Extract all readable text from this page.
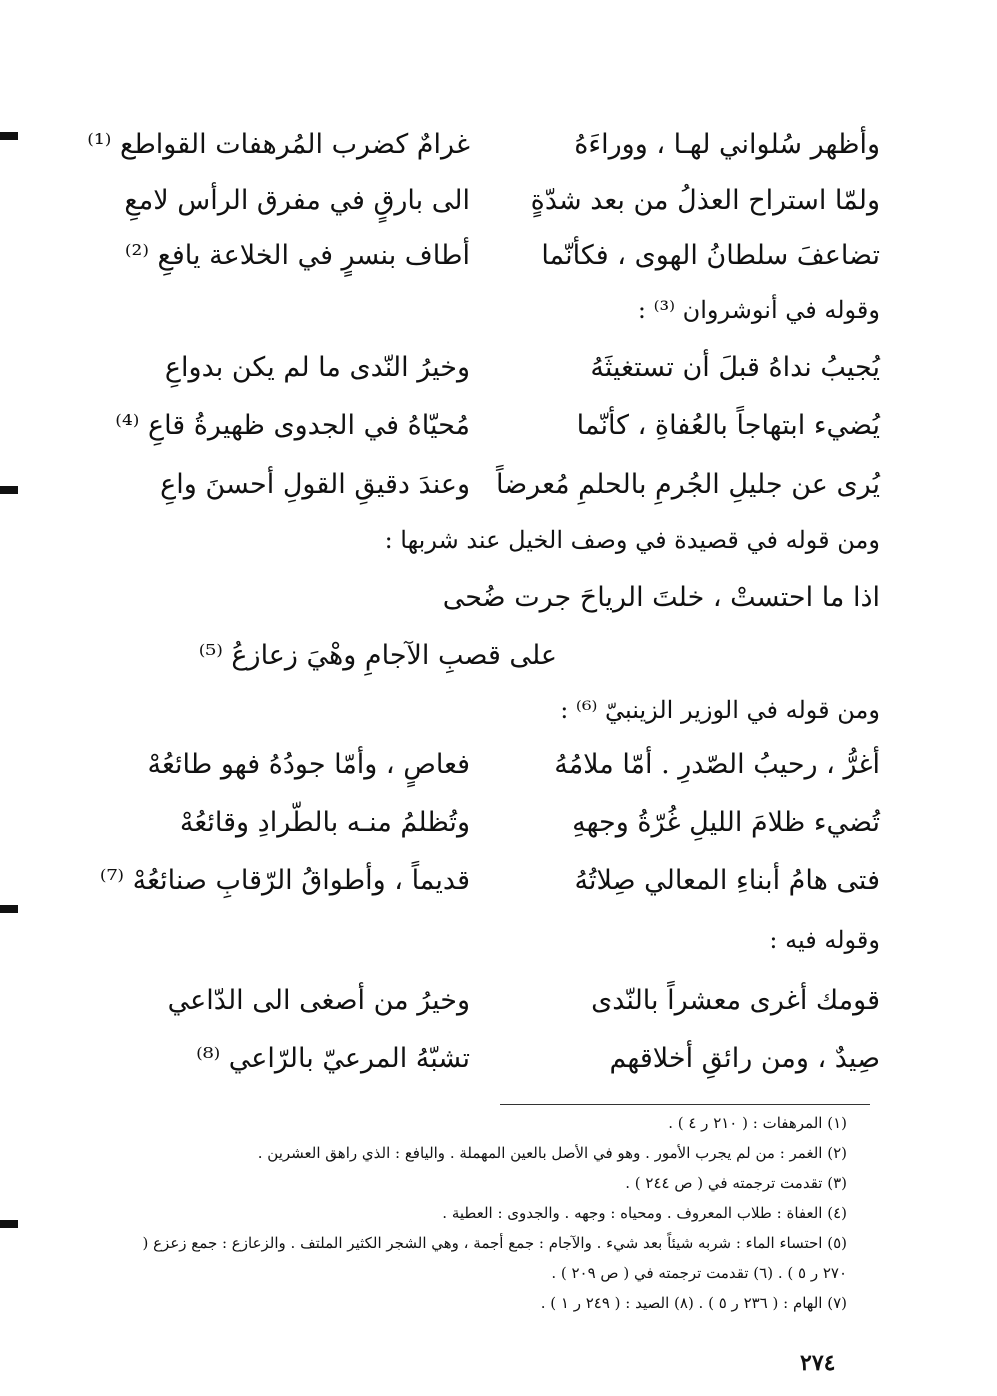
وأظهر سُلواني لهـا ، ووراءَهُ
غرامٌ كضرب المُرهفات القواطع ⁽¹⁾
ولمّا استراح العذلُ من بعد شدّةٍ
الى بارقٍ في مفرق الرأس لامعِ
تضاعفَ سلطانُ الهوى ، فكأنّما
أطاف بنسرٍ في الخلاعة يافعِ ⁽²⁾
وقوله في أنوشروان ⁽³⁾ :
يُجيبُ نداهُ قبلَ أن تستغيثَهُ
وخيرُ النّدى ما لم يكن بدواعِ
يُضيء ابتهاجاً بالعُفاةِ ، كأنّما
مُحيّاهُ في الجدوى ظهيرةُ قاعِ ⁽⁴⁾
يُرى عن جليلِ الجُرمِ بالحلمِ مُعرضاً
وعندَ دقيقِ القولِ أحسنَ واعِ
ومن قوله في قصيدة في وصف الخيل عند شربها :
اذا ما احتستْ ، خلتَ الرياحَ جرت ضُحى
على قصبِ الآجامِ وهْيَ زعازعُ ⁽⁵⁾
ومن قوله في الوزير الزينبيّ ⁽⁶⁾ :
أغرُّ ، رحيبُ الصّدرِ . أمّا ملامُهُ
فعاصٍ ، وأمّا جودُهُ فهو طائعُهْ
تُضيء ظلامَ الليلِ غُرّةُ وجههِ
وتُظلمُ منـه بالطّرادِ وقائعُهْ
فتى هامُ أبناءِ المعالي صِلاتُهُ
قديماً ، وأطواقُ الرّقابِ صنائعُهْ ⁽⁷⁾
وقوله فيه :
قومك أغرى معشراً بالنّدى
وخيرُ من أصغى الى الدّاعي
صِيدٌ ، ومن رائقِ أخلاقهم
تشبّهُ المرعيّ بالرّاعي ⁽⁸⁾
(١) المرهفات : ( ٢١٠ ر ٤ ) .
(٢) الغمر : من لم يجرب الأمور . وهو في الأصل بالعين المهملة . واليافع : الذي راهق العشرين .
(٣) تقدمت ترجمته في ( ص ٢٤٤ ) .
(٤) العفاة : طلاب المعروف . ومحياه : وجهه . والجدوى : العطية .
(٥) احتساء الماء : شربه شيئاً بعد شيء . والآجام : جمع أجمة ، وهي الشجر الكثير الملتف . والزعازع : جمع زعزع ( ٢٧٠ ر ٥ ) . (٦) تقدمت ترجمته في ( ص ٢٠٩ ) .
(٧) الهام : ( ٢٣٦ ر ٥ ) . (٨) الصيد : ( ٢٤٩ ر ١ ) .
٢٧٤
